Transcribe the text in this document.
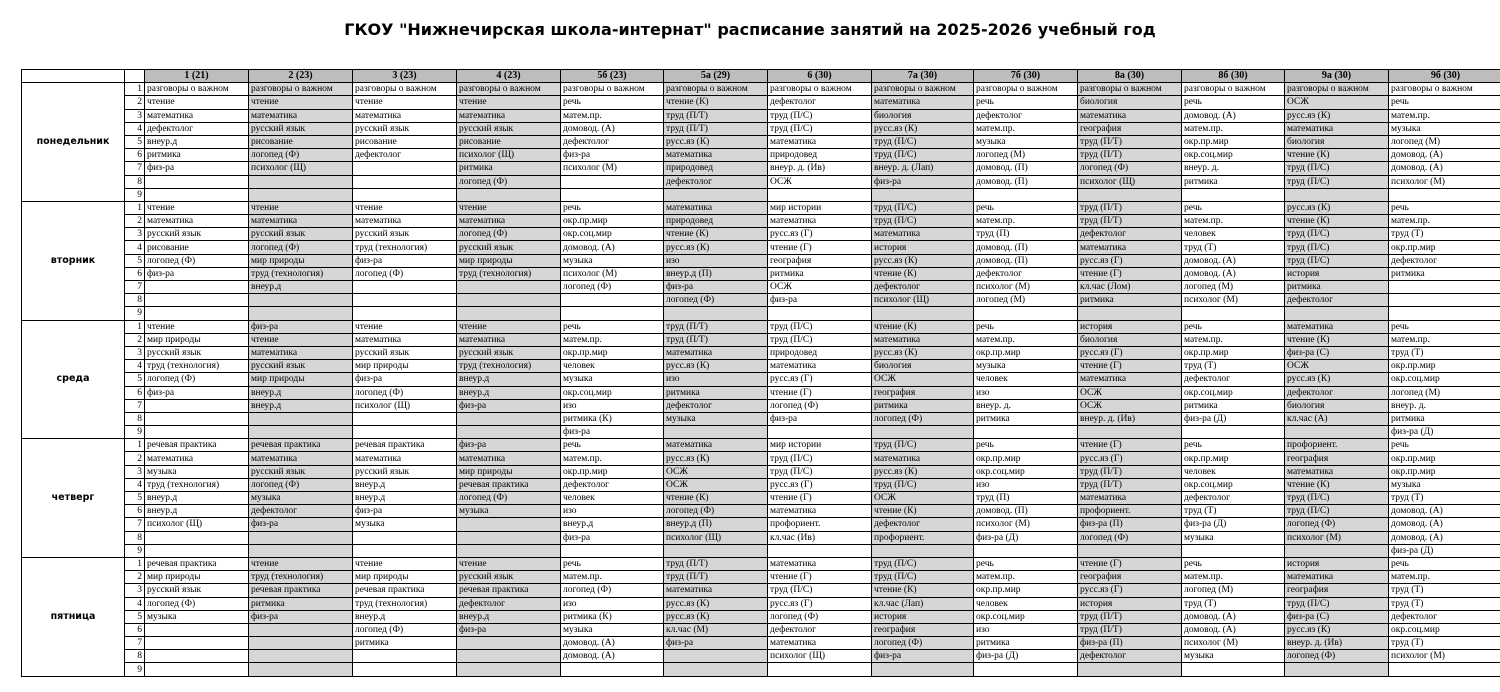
ГКОУ "Нижнечирская школа-интернат" расписание занятий на 2025-2026 учебный год
		1 (21)	2 (23)	3 (23)	4 (23)	5б (23)	5а (29)	6 (30)	7а (30)	7б (30)	8а (30)	8б (30)	9а (30)	9б (30)
понедельник	1	разговоры о важном	разговоры о важном	разговоры о важном	разговоры о важном	разговоры о важном	разговоры о важном	разговоры о важном	разговоры о важном	разговоры о важном	разговоры о важном	разговоры о важном	разговоры о важном	разговоры о важном
	2	чтение	чтение	чтение	чтение	речь	чтение (К)	дефектолог	математика	речь	биология	речь	ОСЖ	речь
	3	математика	математика	математика	математика	матем.пр.	труд (П/Т)	труд (П/С)	биология	дефектолог	математика	домовод. (А)	русс.яз (К)	матем.пр.
	4	дефектолог	русский язык	русский язык	русский язык	домовод. (А)	труд (П/Т)	труд (П/С)	русс.яз (К)	матем.пр.	география	матем.пр.	математика	музыка
	5	внеур.д	рисование	рисование	рисование	дефектолог	русс.яз (К)	математика	труд (П/С)	музыка	труд (П/Т)	окр.пр.мир	биология	логопед (М)
	6	ритмика	логопед (Ф)	дефектолог	психолог (Щ)	физ-ра	математика	природовед	труд (П/С)	логопед (М)	труд (П/Т)	окр.соц.мир	чтение (К)	домовод. (А)
	7	физ-ра	психолог (Щ)		ритмика	психолог (М)	природовед	внеур. д. (Ив)	внеур. д. (Лап)	домовод. (П)	логопед (Ф)	внеур. д.	труд (П/С)	домовод. (А)
	8				логопед (Ф)		дефектолог	ОСЖ	физ-ра	домовод. (П)	психолог (Щ)	ритмика	труд (П/С)	психолог (М)
	9													
вторник	1	чтение	чтение	чтение	чтение	речь	математика	мир истории	труд (П/С)	речь	труд (П/Т)	речь	русс.яз (К)	речь
	2	математика	математика	математика	математика	окр.пр.мир	природовед	математика	труд (П/С)	матем.пр.	труд (П/Т)	матем.пр.	чтение (К)	матем.пр.
	3	русский язык	русский язык	русский язык	логопед (Ф)	окр.соц.мир	чтение (К)	русс.яз (Г)	математика	труд (П)	дефектолог	человек	труд (П/С)	труд (Т)
	4	рисование	логопед (Ф)	труд (технология)	русский язык	домовод. (А)	русс.яз (К)	чтение (Г)	история	домовод. (П)	математика	труд (Т)	труд (П/С)	окр.пр.мир
	5	логопед (Ф)	мир природы	физ-ра	мир природы	музыка	изо	география	русс.яз (К)	домовод. (П)	русс.яз (Г)	домовод. (А)	труд (П/С)	дефектолог
	6	физ-ра	труд (технология)	логопед (Ф)	труд (технология)	психолог (М)	внеур.д (П)	ритмика	чтение (К)	дефектолог	чтение (Г)	домовод. (А)	история	ритмика
	7		внеур.д			логопед (Ф)	физ-ра	ОСЖ	дефектолог	психолог (М)	кл.час (Лом)	логопед (М)	ритмика	
	8						логопед (Ф)	физ-ра	психолог (Щ)	логопед (М)	ритмика	психолог (М)	дефектолог	
	9													
среда	1	чтение	физ-ра	чтение	чтение	речь	труд (П/Т)	труд (П/С)	чтение (К)	речь	история	речь	математика	речь
	2	мир природы	чтение	математика	математика	матем.пр.	труд (П/Т)	труд (П/С)	математика	матем.пр.	биология	матем.пр.	чтение (К)	матем.пр.
	3	русский язык	математика	русский язык	русский язык	окр.пр.мир	математика	природовед	русс.яз (К)	окр.пр.мир	русс.яз (Г)	окр.пр.мир	физ-ра (С)	труд (Т)
	4	труд (технология)	русский язык	мир природы	труд (технология)	человек	русс.яз (К)	математика	биология	музыка	чтение (Г)	труд (Т)	ОСЖ	окр.пр.мир
	5	логопед (Ф)	мир природы	физ-ра	внеур.д	музыка	изо	русс.яз (Г)	ОСЖ	человек	математика	дефектолог	русс.яз (К)	окр.соц.мир
	6	физ-ра	внеур.д	логопед (Ф)	внеур.д	окр.соц.мир	ритмика	чтение (Г)	география	изо	ОСЖ	окр.соц.мир	дефектолог	логопед (М)
	7		внеур.д	психолог (Щ)	физ-ра	изо	дефектолог	логопед (Ф)	ритмика	внеур. д.	ОСЖ	ритмика	биология	внеур. д.
	8					ритмика (К)	музыка	физ-ра	логопед (Ф)	ритмика	внеур. д. (Ив)	физ-ра (Д)	кл.час (А)	ритмика
	9					физ-ра								физ-ра (Д)
четверг	1	речевая практика	речевая практика	речевая практика	физ-ра	речь	математика	мир истории	труд (П/С)	речь	чтение (Г)	речь	профориент.	речь
	2	математика	математика	математика	математика	матем.пр.	русс.яз (К)	труд (П/С)	математика	окр.пр.мир	русс.яз (Г)	окр.пр.мир	география	окр.пр.мир
	3	музыка	русский язык	русский язык	мир природы	окр.пр.мир	ОСЖ	труд (П/С)	русс.яз (К)	окр.соц.мир	труд (П/Т)	человек	математика	окр.пр.мир
	4	труд (технология)	логопед (Ф)	внеур.д	речевая практика	дефектолог	ОСЖ	русс.яз (Г)	труд (П/С)	изо	труд (П/Т)	окр.соц.мир	чтение (К)	музыка
	5	внеур.д	музыка	внеур.д	логопед (Ф)	человек	чтение (К)	чтение (Г)	ОСЖ	труд (П)	математика	дефектолог	труд (П/С)	труд (Т)
	6	внеур.д	дефектолог	физ-ра	музыка	изо	логопед (Ф)	математика	чтение (К)	домовод. (П)	профориент.	труд (Т)	труд (П/С)	домовод. (А)
	7	психолог (Щ)	физ-ра	музыка		внеур.д	внеур.д (П)	профориент.	дефектолог	психолог (М)	физ-ра (П)	физ-ра (Д)	логопед (Ф)	домовод. (А)
	8					физ-ра	психолог (Щ)	кл.час (Ив)	профориент.	физ-ра (Д)	логопед (Ф)	музыка	психолог (М)	домовод. (А)
	9													физ-ра (Д)
пятница	1	речевая практика	чтение	чтение	чтение	речь	труд (П/Т)	математика	труд (П/С)	речь	чтение (Г)	речь	история	речь
	2	мир природы	труд (технология)	мир природы	русский язык	матем.пр.	труд (П/Т)	чтение (Г)	труд (П/С)	матем.пр.	география	матем.пр.	математика	матем.пр.
	3	русский язык	речевая практика	речевая практика	речевая практика	логопед (Ф)	математика	труд (П/С)	чтение (К)	окр.пр.мир	русс.яз (Г)	логопед (М)	география	труд (Т)
	4	логопед (Ф)	ритмика	труд (технология)	дефектолог	изо	русс.яз (К)	русс.яз (Г)	кл.час (Лап)	человек	история	труд (Т)	труд (П/С)	труд (Т)
	5	музыка	физ-ра	внеур.д	внеур.д	ритмика (К)	русс.яз (К)	логопед (Ф)	история	окр.соц.мир	труд (П/Т)	домовод. (А)	физ-ра (С)	дефектолог
	6			логопед (Ф)	физ-ра	музыка	кл.час (М)	дефектолог	география	изо	труд (П/Т)	домовод. (А)	русс.яз (К)	окр.соц.мир
	7			ритмика		домовод. (А)	физ-ра	математика	логопед (Ф)	ритмика	физ-ра (П)	психолог (М)	внеур. д. (Ив)	труд (Т)
	8					домовод. (А)		психолог (Щ)	физ-ра	физ-ра (Д)	дефектолог	музыка	логопед (Ф)	психолог (М)
	9													
